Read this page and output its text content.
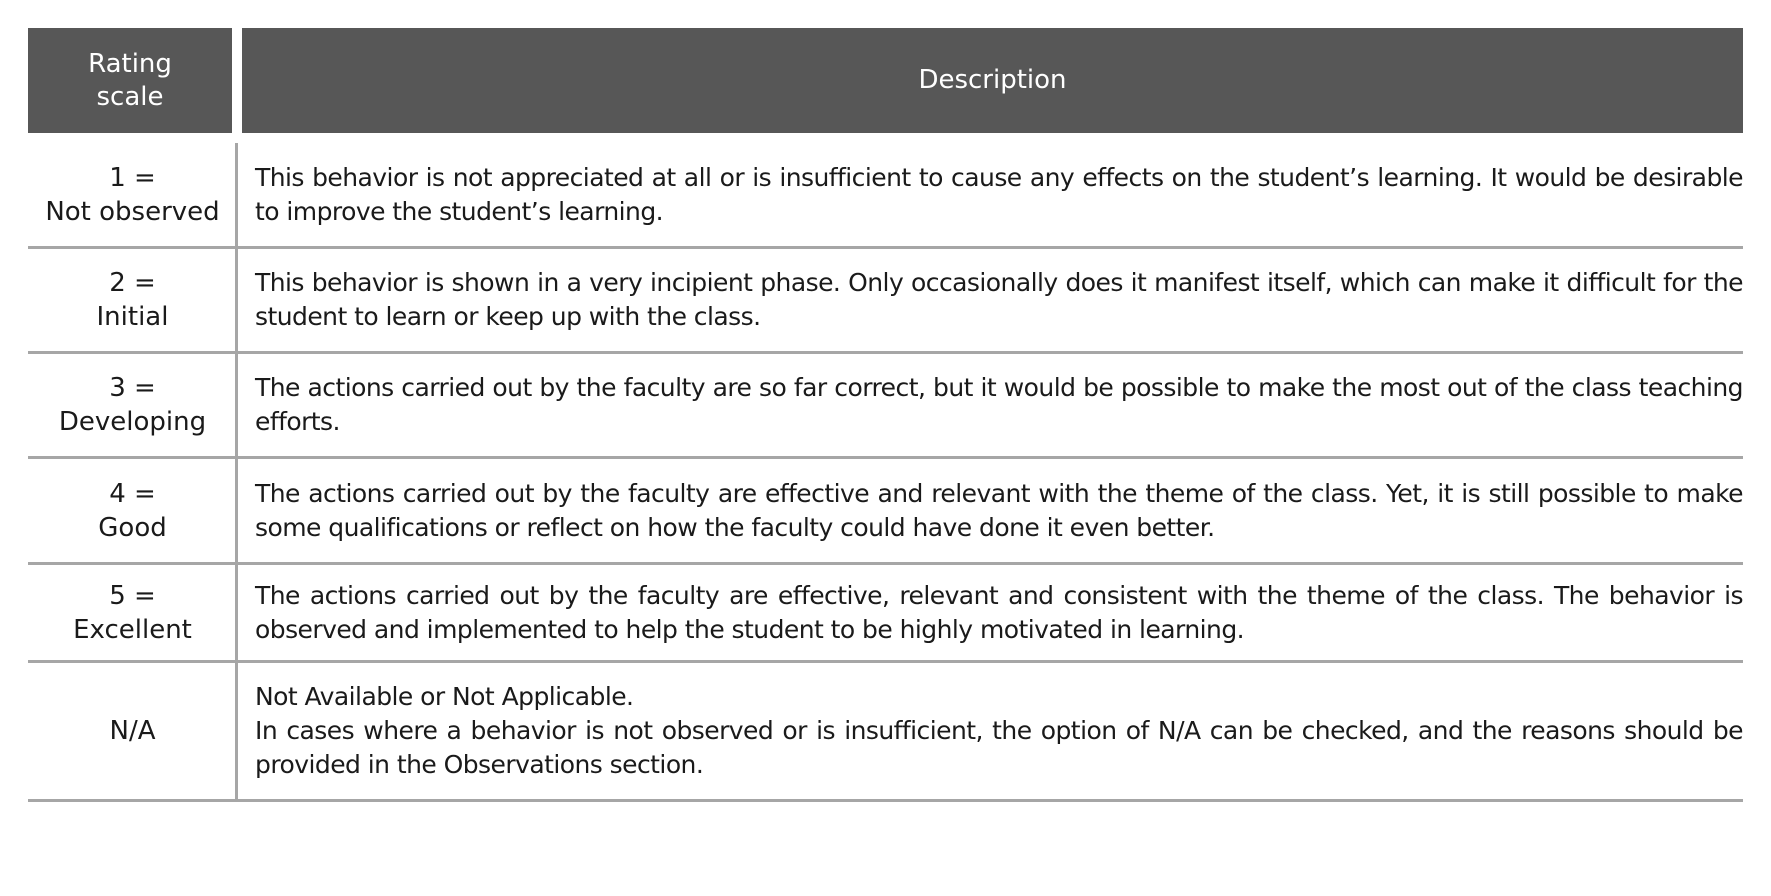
Rating
scale
Description
1 =
Not observed
This behavior is not appreciated at all or is insufficient to cause any effects on the student’s learning. It would be desirable to improve the student’s learning.
2 =
Initial
This behavior is shown in a very incipient phase. Only occasionally does it manifest itself, which can make it difficult for the student to learn or keep up with the class.
3 =
Developing
The actions carried out by the faculty are so far correct, but it would be possible to make the most out of the class teaching efforts.
4 =
Good
The actions carried out by the faculty are effective and relevant with the theme of the class. Yet, it is still possible to make some qualifications or reflect on how the faculty could have done it even better.
5 =
Excellent
The actions carried out by the faculty are effective, relevant and consistent with the theme of the class. The behavior is observed and implemented to help the student to be highly motivated in learning.
N/A
Not Available or Not Applicable.
In cases where a behavior is not observed or is insufficient, the option of N/A can be checked, and the reasons should be provided in the Observations section.
